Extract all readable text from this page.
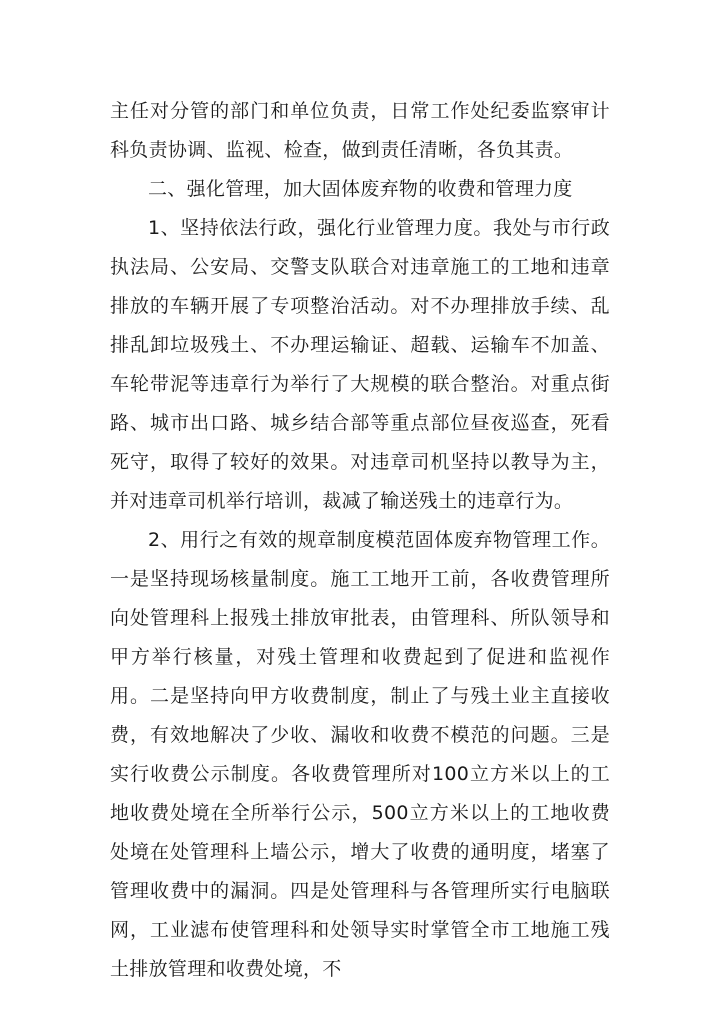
主任对分管的部门和单位负责，日常工作处纪委监察审计科负责协调、监视、检查，做到责任清晰，各负其责。

二、强化管理，加大固体废弃物的收费和管理力度

1、坚持依法行政，强化行业管理力度。我处与市行政执法局、公安局、交警支队联合对违章施工的工地和违章排放的车辆开展了专项整治活动。对不办理排放手续、乱排乱卸垃圾残土、不办理运输证、超载、运输车不加盖、车轮带泥等违章行为举行了大规模的联合整治。对重点街路、城市出口路、城乡结合部等重点部位昼夜巡查，死看死守，取得了较好的效果。对违章司机坚持以教导为主，并对违章司机举行培训，裁减了输送残土的违章行为。

2、用行之有效的规章制度模范固体废弃物管理工作。一是坚持现场核量制度。施工工地开工前，各收费管理所向处管理科上报残土排放审批表，由管理科、所队领导和甲方举行核量，对残土管理和收费起到了促进和监视作用。二是坚持向甲方收费制度，制止了与残土业主直接收费，有效地解决了少收、漏收和收费不模范的问题。三是实行收费公示制度。各收费管理所对100立方米以上的工地收费处境在全所举行公示，500立方米以上的工地收费处境在处管理科上墙公示，增大了收费的通明度，堵塞了管理收费中的漏洞。四是处管理科与各管理所实行电脑联网，工业滤布使管理科和处领导实时掌管全市工地施工残土排放管理和收费处境，不
